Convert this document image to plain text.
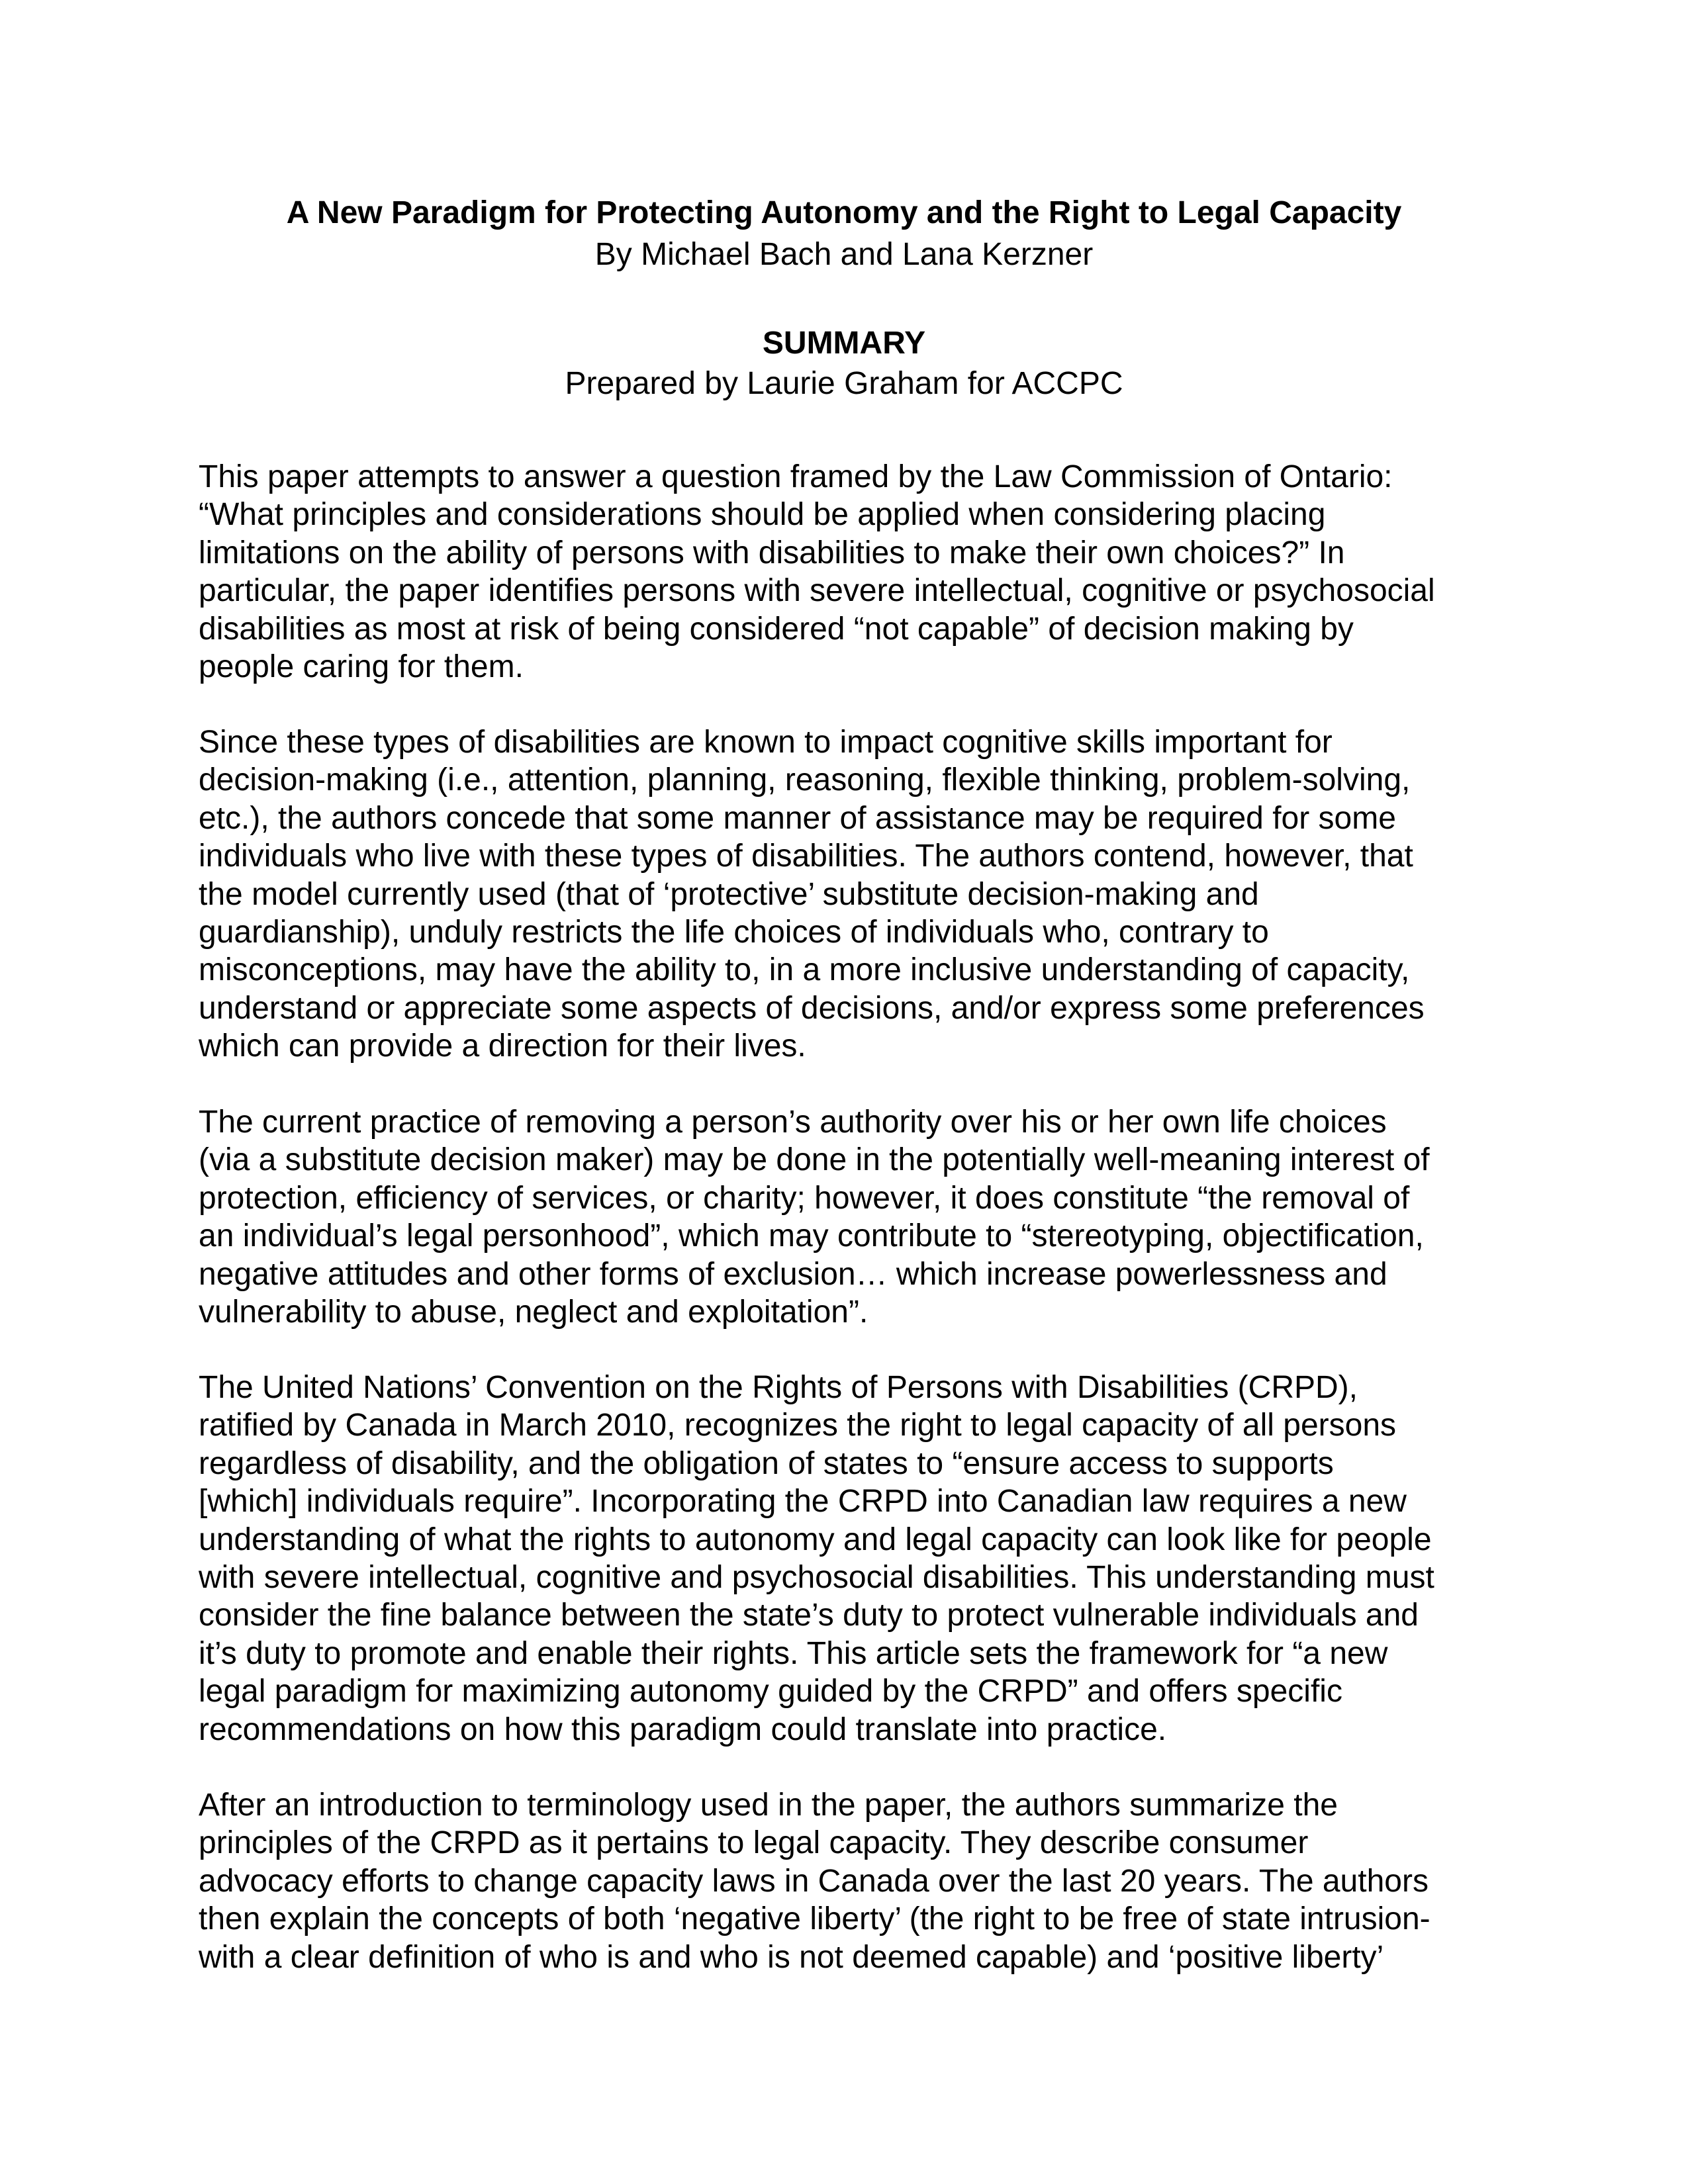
A New Paradigm for Protecting Autonomy and the Right to Legal Capacity
By Michael Bach and Lana Kerzner
SUMMARY
Prepared by Laurie Graham for ACCPC
This paper attempts to answer a question framed by the Law Commission of Ontario:
“What principles and considerations should be applied when considering placing
limitations on the ability of persons with disabilities to make their own choices?” In
particular, the paper identifies persons with severe intellectual, cognitive or psychosocial
disabilities as most at risk of being considered “not capable” of decision making by
people caring for them.
Since these types of disabilities are known to impact cognitive skills important for
decision-making (i.e., attention, planning, reasoning, flexible thinking, problem-solving,
etc.), the authors concede that some manner of assistance may be required for some
individuals who live with these types of disabilities. The authors contend, however, that
the model currently used (that of ‘protective’ substitute decision-making and
guardianship), unduly restricts the life choices of individuals who, contrary to
misconceptions, may have the ability to, in a more inclusive understanding of capacity,
understand or appreciate some aspects of decisions, and/or express some preferences
which can provide a direction for their lives.
The current practice of removing a person’s authority over his or her own life choices
(via a substitute decision maker) may be done in the potentially well-meaning interest of
protection, efficiency of services, or charity; however, it does constitute “the removal of
an individual’s legal personhood”, which may contribute to “stereotyping, objectification,
negative attitudes and other forms of exclusion… which increase powerlessness and
vulnerability to abuse, neglect and exploitation”.
The United Nations’ Convention on the Rights of Persons with Disabilities (CRPD),
ratified by Canada in March 2010, recognizes the right to legal capacity of all persons
regardless of disability, and the obligation of states to “ensure access to supports
[which] individuals require”. Incorporating the CRPD into Canadian law requires a new
understanding of what the rights to autonomy and legal capacity can look like for people
with severe intellectual, cognitive and psychosocial disabilities. This understanding must
consider the fine balance between the state’s duty to protect vulnerable individuals and
it’s duty to promote and enable their rights. This article sets the framework for “a new
legal paradigm for maximizing autonomy guided by the CRPD” and offers specific
recommendations on how this paradigm could translate into practice.
After an introduction to terminology used in the paper, the authors summarize the
principles of the CRPD as it pertains to legal capacity. They describe consumer
advocacy efforts to change capacity laws in Canada over the last 20 years. The authors
then explain the concepts of both ‘negative liberty’ (the right to be free of state intrusion-
with a clear definition of who is and who is not deemed capable) and ‘positive liberty’
